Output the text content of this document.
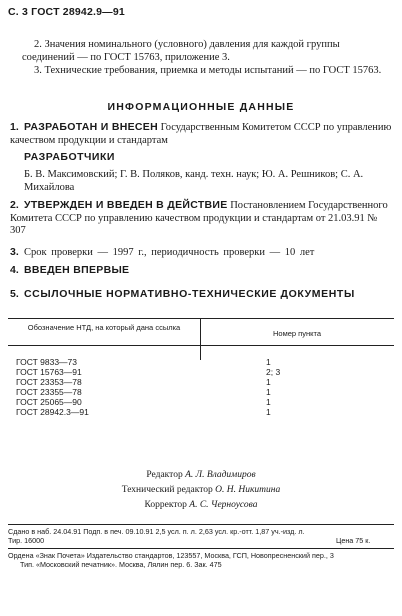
С. 3 ГОСТ 28942.9—91
2. Значения номинального (условного) давления для каждой группы соединений — по ГОСТ 15763, приложение 3.
3. Технические требования, приемка и методы испытаний — по ГОСТ 15763.
ИНФОРМАЦИОННЫЕ ДАННЫЕ
1. РАЗРАБОТАН И ВНЕСЕН Государственным Комитетом СССР по управлению качеством продукции и стандартам
РАЗРАБОТЧИКИ
Б. В. Максимовский; Г. В. Поляков, канд. техн. наук; Ю. А. Решников; С. А. Михайлова
2. УТВЕРЖДЕН И ВВЕДЕН В ДЕЙСТВИЕ Постановлением Государственного Комитета СССР по управлению качеством продукции и стандартам от 21.03.91 № 307
3. Срок проверки — 1997 г., периодичность проверки — 10 лет
4. ВВЕДЕН ВПЕРВЫЕ
5. ССЫЛОЧНЫЕ НОРМАТИВНО-ТЕХНИЧЕСКИЕ ДОКУМЕНТЫ
Обозначение НТД, на который дана ссылка
Номер пункта
ГОСТ 9833—73	1
ГОСТ 15763—91	2; 3
ГОСТ 23353—78	1
ГОСТ 23355—78	1
ГОСТ 25065—90	1
ГОСТ 28942.3—91	1
Редактор А. Л. Владимиров
Технический редактор О. Н. Никитина
Корректор А. С. Черноусова
Сдано в наб. 24.04.91 Подп. в печ. 09.10.91 2,5 усл. п. л. 2,63 усл. кр.-отт. 1,87 уч.-изд. л.
Тир. 16000	Цена 75 к.
Ордена «Знак Почета» Издательство стандартов, 123557, Москва, ГСП, Новопресненский пер., 3
Тип. «Московский печатник». Москва, Лялин пер. 6. Зак. 475
